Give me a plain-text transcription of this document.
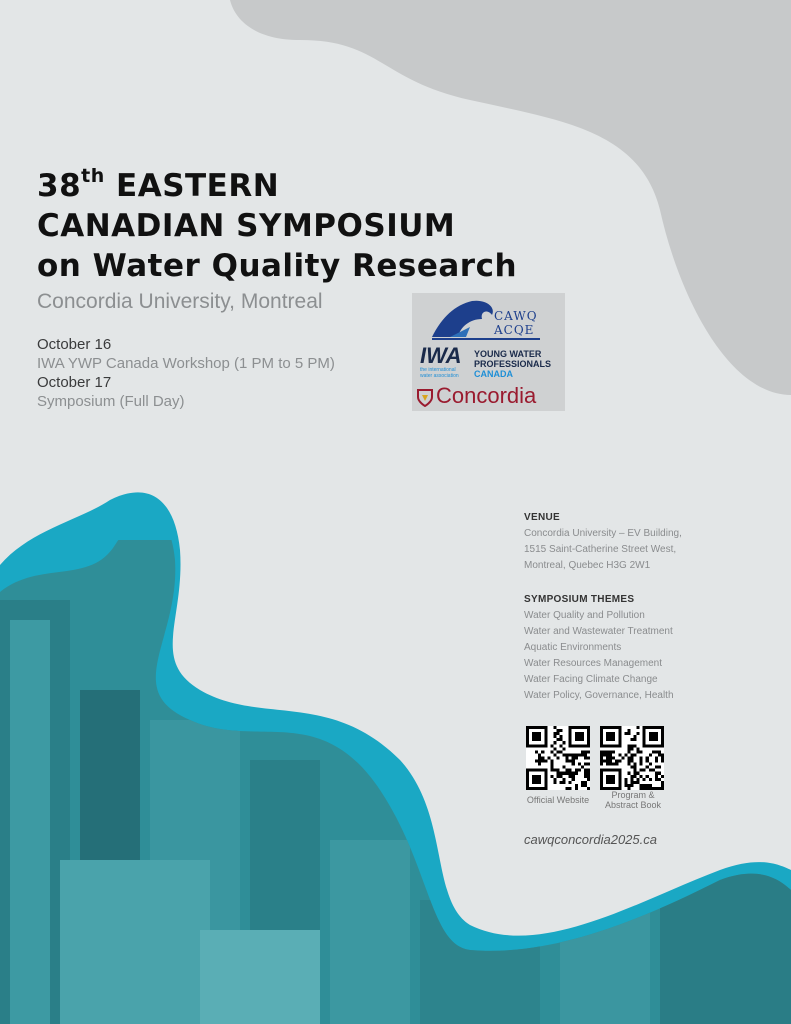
38th EASTERN
CANADIAN SYMPOSIUM
on Water Quality Research
Concordia University, Montreal
October 16
IWA YWP Canada Workshop (1 PM to 5 PM)
October 17
Symposium (Full Day)
CAWQ
ACQE
IWA
the international water association
YOUNG WATER
PROFESSIONALS
CANADA
Concordia
VENUE
Concordia University – EV Building,
1515 Saint-Catherine Street West,
Montreal, Quebec H3G 2W1
SYMPOSIUM THEMES
Water Quality and Pollution
Water and Wastewater Treatment
Aquatic Environments
Water Resources Management
Water Facing Climate Change
Water Policy, Governance, Health
Official Website	Program &
Abstract Book
cawqconcordia2025.ca
